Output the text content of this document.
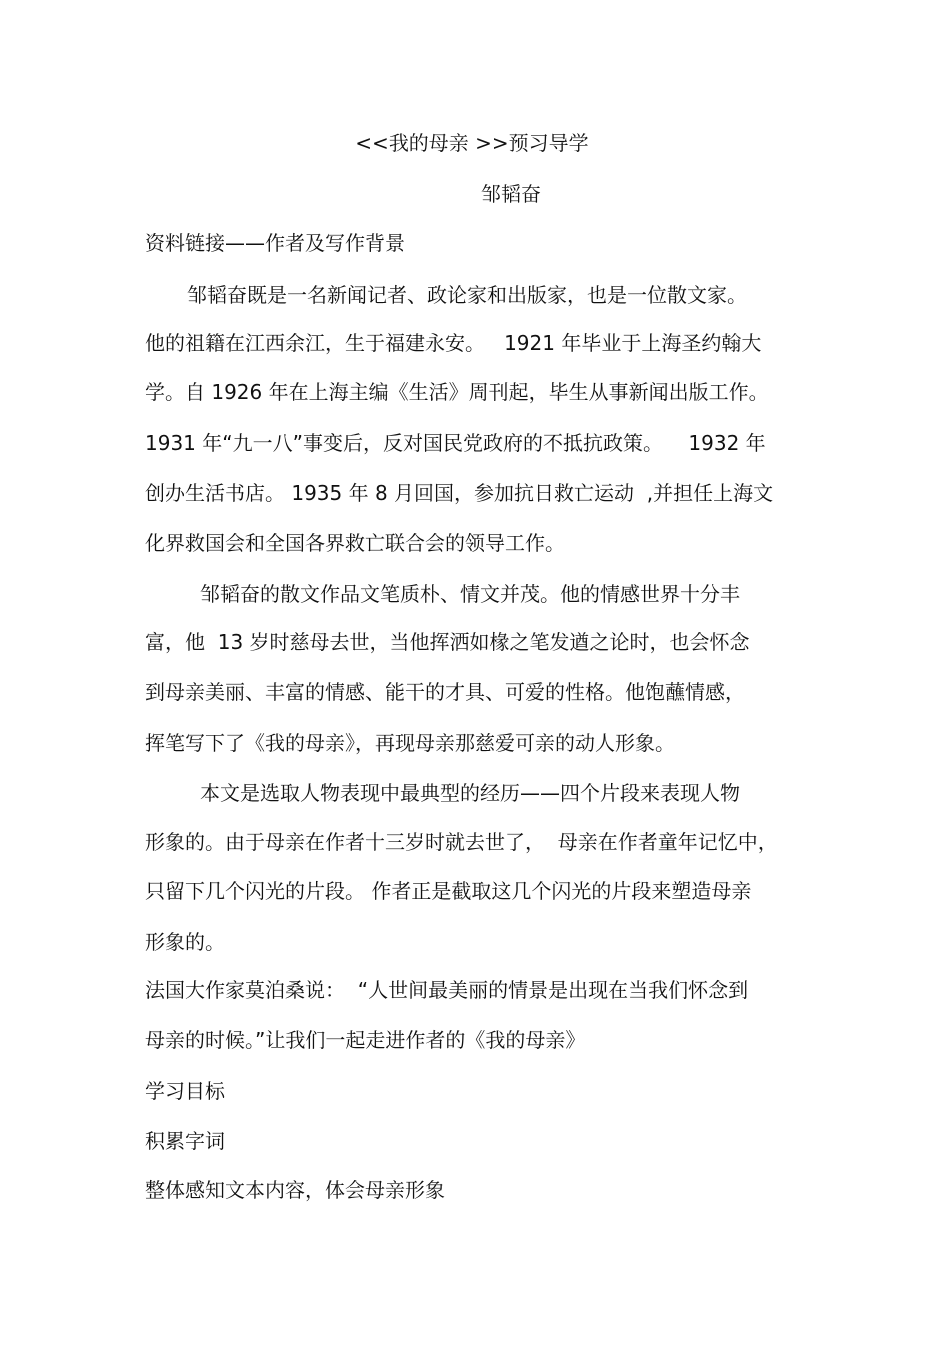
<<我的母亲 >>预习导学
邹韬奋
资料链接——作者及写作背景
邹韬奋既是一名新闻记者、政论家和出版家，也是一位散文家。
他的祖籍在江西余江，生于福建永安。   1921 年毕业于上海圣约翰大
学。自 1926 年在上海主编《生活》周刊起，毕生从事新闻出版工作。
1931 年“九一八”事变后，反对国民党政府的不抵抗政策。    1932 年
创办生活书店。 1935 年 8 月回国，参加抗日救亡运动  ,并担任上海文
化界救国会和全国各界救亡联合会的领导工作。
邹韬奋的散文作品文笔质朴、情文并茂。他的情感世界十分丰
富，他  13 岁时慈母去世，当他挥洒如椽之笔发遒之论时，也会怀念
到母亲美丽、丰富的情感、能干的才具、可爱的性格。他饱蘸情感，
挥笔写下了《我的母亲》，再现母亲那慈爱可亲的动人形象。
本文是选取人物表现中最典型的经历——四个片段来表现人物
形象的。由于母亲在作者十三岁时就去世了，  母亲在作者童年记忆中，
只留下几个闪光的片段。 作者正是截取这几个闪光的片段来塑造母亲
形象的。
法国大作家莫泊桑说：  “人世间最美丽的情景是出现在当我们怀念到
母亲的时候。”让我们一起走进作者的《我的母亲》
学习目标
积累字词
整体感知文本内容，体会母亲形象
